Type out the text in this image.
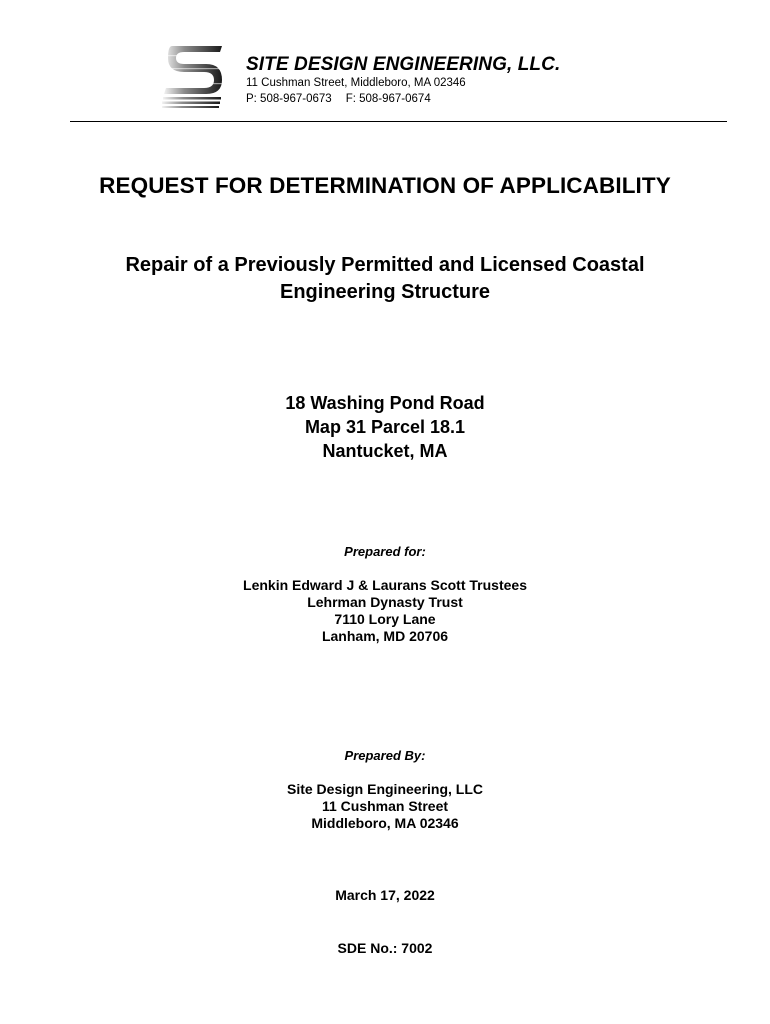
SITE DESIGN ENGINEERING, LLC.
11 Cushman Street, Middleboro, MA 02346
P: 508-967-0673 F: 508-967-0674
REQUEST FOR DETERMINATION OF APPLICABILITY
Repair of a Previously Permitted and Licensed Coastal
Engineering Structure
18 Washing Pond Road
Map 31 Parcel 18.1
Nantucket, MA
Prepared for:
Lenkin Edward J & Laurans Scott Trustees
Lehrman Dynasty Trust
7110 Lory Lane
Lanham, MD 20706
Prepared By:
Site Design Engineering, LLC
11 Cushman Street
Middleboro, MA 02346
March 17, 2022
SDE No.: 7002
